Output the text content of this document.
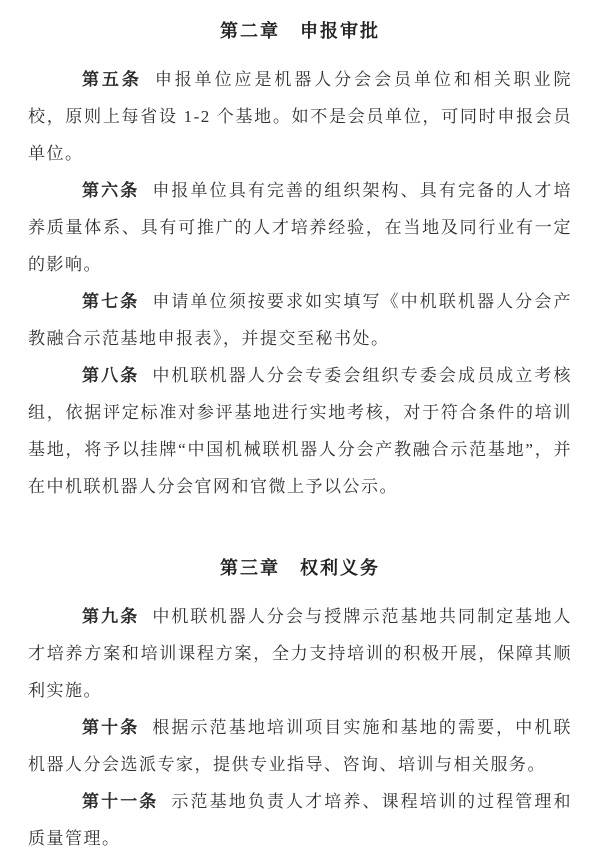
第二章　申报审批

第五条 申报单位应是机器人分会会员单位和相关职业院校，原则上每省设 1-2 个基地。如不是会员单位，可同时申报会员单位。

第六条 申报单位具有完善的组织架构、具有完备的人才培养质量体系、具有可推广的人才培养经验，在当地及同行业有一定的影响。

第七条 申请单位须按要求如实填写《中机联机器人分会产教融合示范基地申报表》，并提交至秘书处。

第八条 中机联机器人分会专委会组织专委会成员成立考核组，依据评定标准对参评基地进行实地考核，对于符合条件的培训基地，将予以挂牌“中国机械联机器人分会产教融合示范基地”，并在中机联机器人分会官网和官微上予以公示。

第三章　权利义务

第九条 中机联机器人分会与授牌示范基地共同制定基地人才培养方案和培训课程方案，全力支持培训的积极开展，保障其顺利实施。

第十条 根据示范基地培训项目实施和基地的需要，中机联机器人分会选派专家，提供专业指导、咨询、培训与相关服务。

第十一条 示范基地负责人才培养、课程培训的过程管理和质量管理。
